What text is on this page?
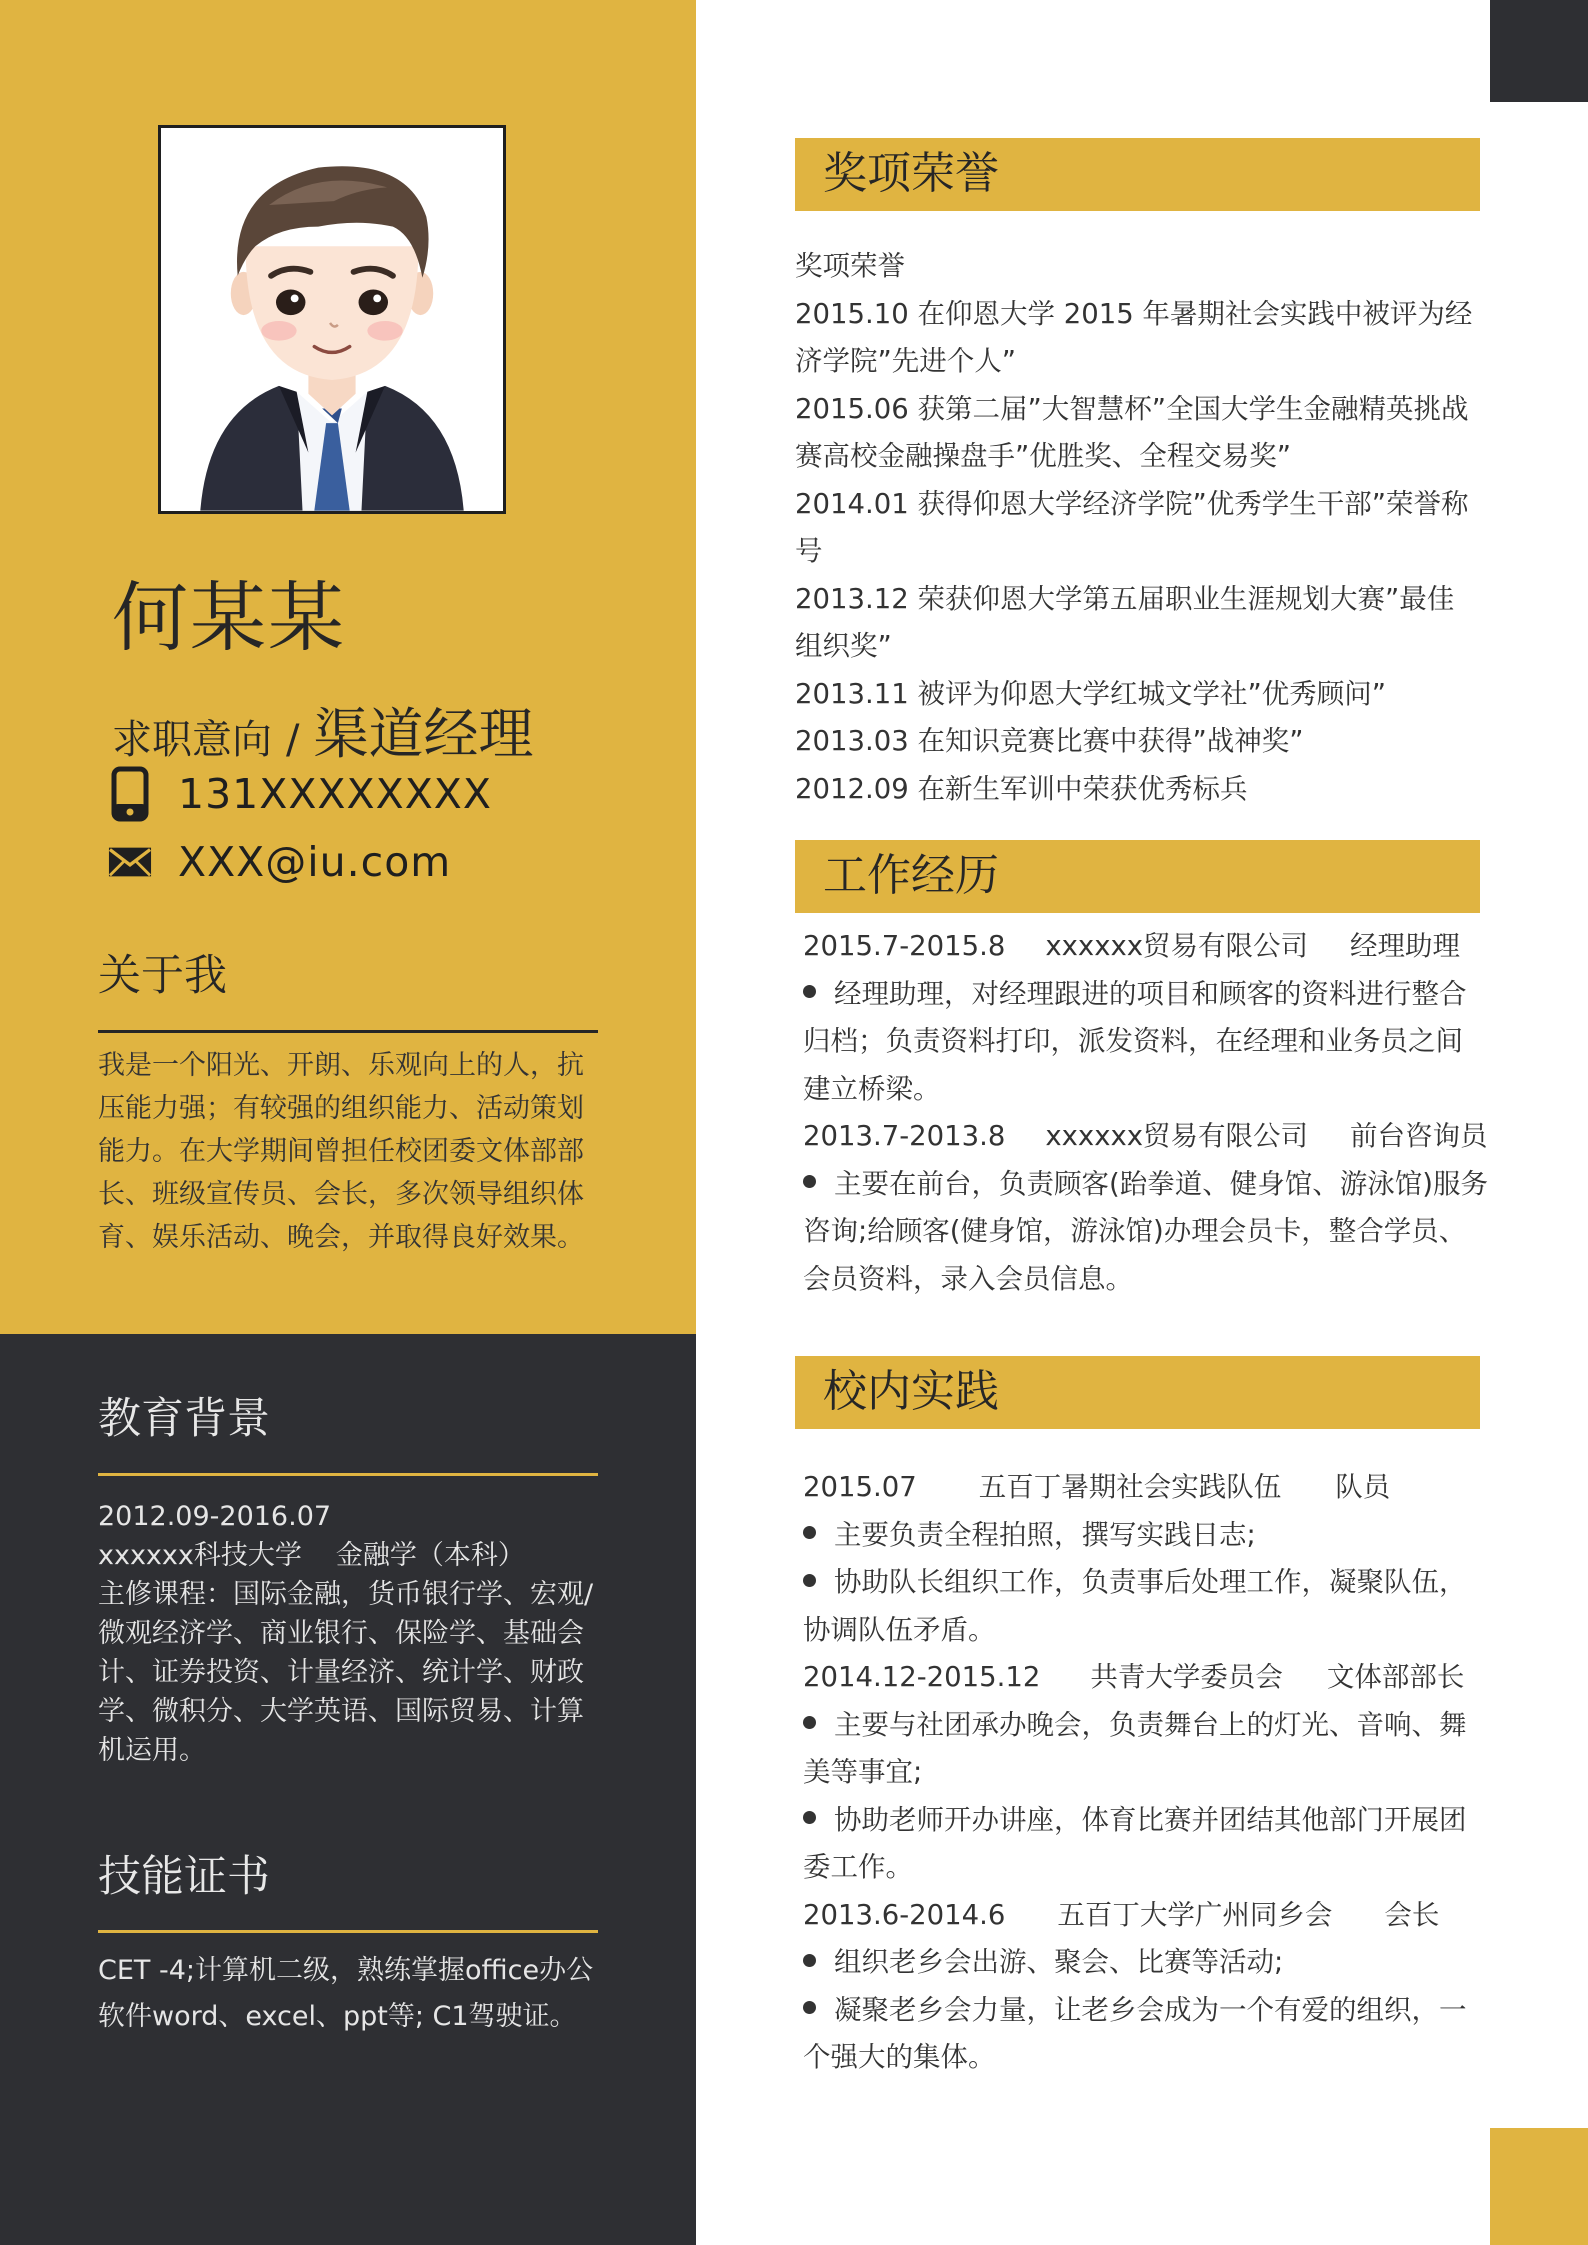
何某某
求职意向 / 渠道经理
131XXXXXXXX
XXX@iu.com
关于我
我是一个阳光、开朗、乐观向上的人，抗压能力强；有较强的组织能力、活动策划能力。在大学期间曾担任校团委文体部部长、班级宣传员、会长，多次领导组织体育、娱乐活动、晚会，并取得良好效果。
教育背景
2012.09-2016.07
xxxxxx科技大学 金融学（本科）
主修课程：国际金融，货币银行学、宏观/微观经济学、商业银行、保险学、基础会计、证券投资、计量经济、统计学、财政学、微积分、大学英语、国际贸易、计算机运用。
技能证书
CET -4;计算机二级，熟练掌握office办公软件word、excel、ppt等; C1驾驶证。
奖项荣誉

奖项荣誉

2015.10 在仰恩大学 2015 年暑期社会实践中被评为经济学院”先进个人”

2015.06 获第二届”大智慧杯”全国大学生金融精英挑战赛高校金融操盘手”优胜奖、全程交易奖”

2014.01 获得仰恩大学经济学院”优秀学生干部”荣誉称号

2013.12 荣获仰恩大学第五届职业生涯规划大赛”最佳组织奖”

2013.11 被评为仰恩大学红城文学社”优秀顾问”

2013.03 在知识竞赛比赛中获得”战神奖”

2012.09 在新生军训中荣获优秀标兵

工作经历

2015.7-2015.8 xxxxxx贸易有限公司 经理助理

经理助理，对经理跟进的项目和顾客的资料进行整合归档；负责资料打印，派发资料，在经理和业务员之间建立桥梁。

2013.7-2013.8 xxxxxx贸易有限公司 前台咨询员

主要在前台，负责顾客(跆拳道、健身馆、游泳馆)服务咨询;给顾客(健身馆，游泳馆)办理会员卡，整合学员、会员资料，录入会员信息。

校内实践

2015.07 五百丁暑期社会实践队伍 队员

主要负责全程拍照，撰写实践日志;

协助队长组织工作，负责事后处理工作，凝聚队伍，协调队伍矛盾。

2014.12-2015.12 共青大学委员会 文体部部长

主要与社团承办晚会，负责舞台上的灯光、音响、舞美等事宜;

协助老师开办讲座，体育比赛并团结其他部门开展团委工作。

2013.6-2014.6 五百丁大学广州同乡会 会长

组织老乡会出游、聚会、比赛等活动;

凝聚老乡会力量，让老乡会成为一个有爱的组织，一个强大的集体。
